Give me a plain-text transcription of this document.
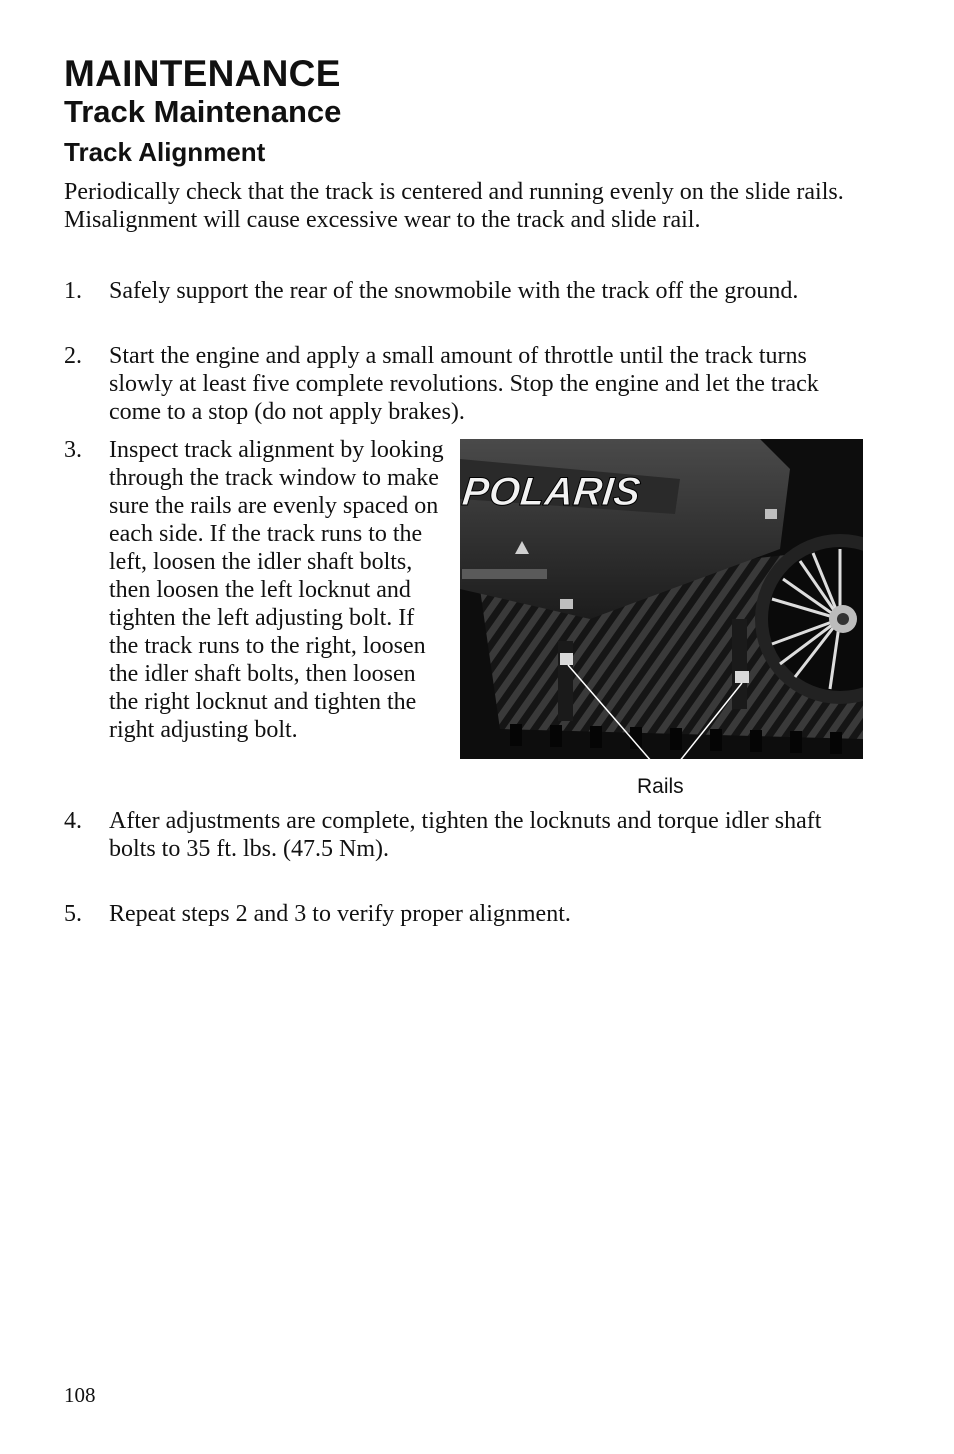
MAINTENANCE
Track Maintenance
Track Alignment

Periodically check that the track is centered and running evenly on the slide rails. Misalignment will cause excessive wear to the track and slide rail.

1.	Safely support the rear of the snowmobile with the track off the ground.
2.	Start the engine and apply a small amount of throttle until the track turns slowly at least five complete revolutions. Stop the engine and let the track come to a stop (do not apply brakes).
3.	Inspect track alignment by looking through the track window to make sure the rails are evenly spaced on each side. If the track runs to the left, loosen the idler shaft bolts, then loosen the left locknut and tighten the left adjusting bolt. If the track runs to the right, loosen the idler shaft bolts, then loosen the right locknut and tighten the right adjusting bolt.
4.	After adjustments are complete, tighten the locknuts and torque idler shaft bolts to 35 ft. lbs. (47.5 Nm).
5.	Repeat steps 2 and 3 to verify proper alignment.
POLARIS
Rails
108
